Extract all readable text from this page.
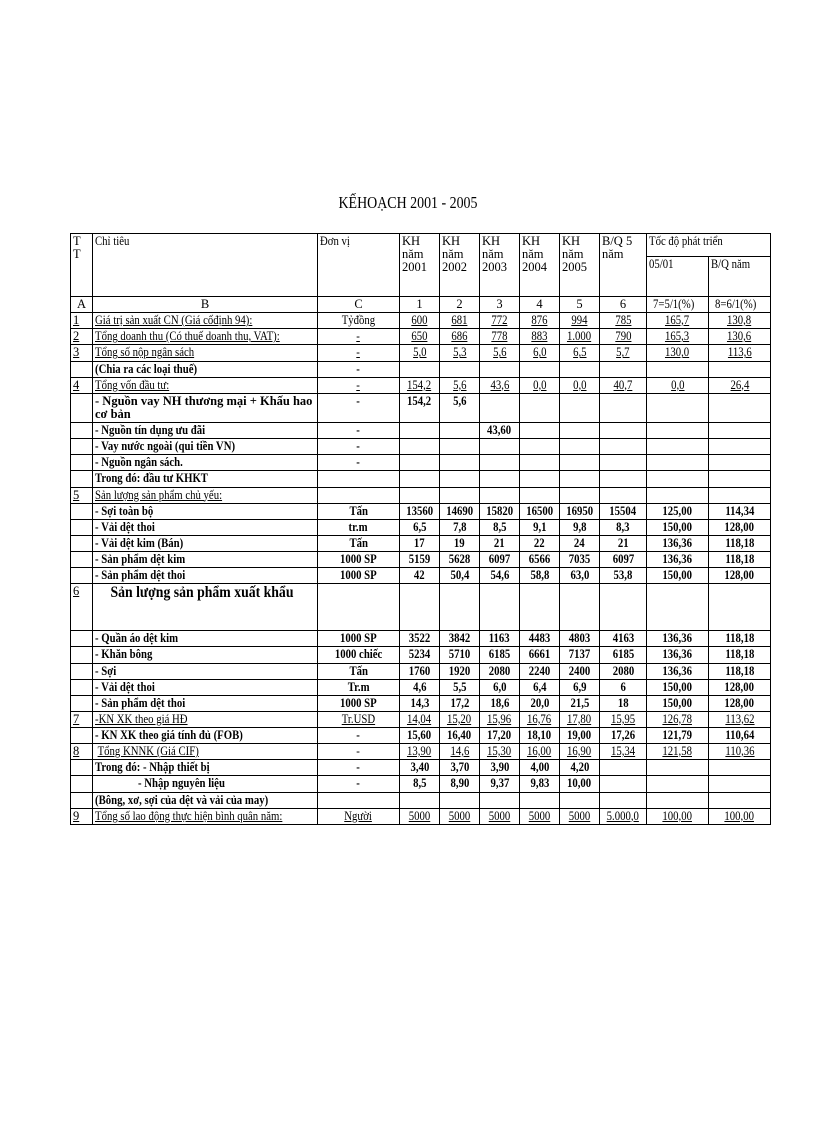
KẾHOẠCH 2001 - 2005
T T	Chỉ tiêu	Đơn vị	KH năm 2001	KH năm 2002	KH năm 2003	KH năm 2004	KH năm 2005	B/Q 5 năm	Tốc độ phát triển	
									05/01	B/Q năm
A	B	C	1	2	3	4	5	6	7=5/1(%)	8=6/1(%)
1	Giá trị sản xuất CN (Giá cốđịnh 94):	Tỷđồng	600	681	772	876	994	785	165,7	130,8
2	Tổng doanh thu (Có thuế doanh thu, VAT):	-	650	686	778	883	1.000	790	165,3	130,6
3	Tổng số nộp ngân sách	-	5,0	5,3	5,6	6,0	6,5	5,7	130,0	113,6
	(Chia ra các loại thuế)	-								
4	Tổng vốn đầu tư:	-	154,2	5,6	43,6	0,0	0,0	40,7	0,0	26,4
	- Nguồn vay NH thương mại + Khấu hao cơ bản	-	154,2	5,6						
	- Nguồn tín dụng ưu đãi	-			43,60					
	- Vay nước ngoài (qui tiền VN)	-								
	- Nguồn ngân sách.	-								
	Trong đó: đầu tư KHKT									
5	Sản lượng sản phẩm chủ yếu:									
	- Sợi toàn bộ	Tấn	13560	14690	15820	16500	16950	15504	125,00	114,34
	- Vải dệt thoi	tr.m	6,5	7,8	8,5	9,1	9,8	8,3	150,00	128,00
	- Vải dệt kim (Bán)	Tấn	17	19	21	22	24	21	136,36	118,18
	- Sản phẩm dệt kim	1000 SP	5159	5628	6097	6566	7035	6097	136,36	118,18
	- Sản phẩm dệt thoi	1000 SP	42	50,4	54,6	58,8	63,0	53,8	150,00	128,00
6	Sản lượng sản phẩm xuất khẩu									
	- Quần áo dệt kim	1000 SP	3522	3842	1163	4483	4803	4163	136,36	118,18
	- Khăn bông	1000 chiếc	5234	5710	6185	6661	7137	6185	136,36	118,18
	- Sợi	Tấn	1760	1920	2080	2240	2400	2080	136,36	118,18
	- Vải dệt thoi	Tr.m	4,6	5,5	6,0	6,4	6,9	6	150,00	128,00
	- Sản phẩm dệt thoi	1000 SP	14,3	17,2	18,6	20,0	21,5	18	150,00	128,00
7	-KN XK theo giá HĐ	Tr.USD	14,04	15,20	15,96	16,76	17,80	15,95	126,78	113,62
	- KN XK theo giá tính đủ (FOB)	-	15,60	16,40	17,20	18,10	19,00	17,26	121,79	110,64
8	Tổng KNNK (Giá CIF)	-	13,90	14,6	15,30	16,00	16,90	15,34	121,58	110,36
	Trong đó: - Nhập thiết bị	-	3,40	3,70	3,90	4,00	4,20			
	- Nhập nguyên liệu	-	8,5	8,90	9,37	9,83	10,00			
	(Bông, xơ, sợi của dệt và vải của may)									
9	Tổng số lao động thực hiện bình quân năm:	Người	5000	5000	5000	5000	5000	5.000,0	100,00	100,00
